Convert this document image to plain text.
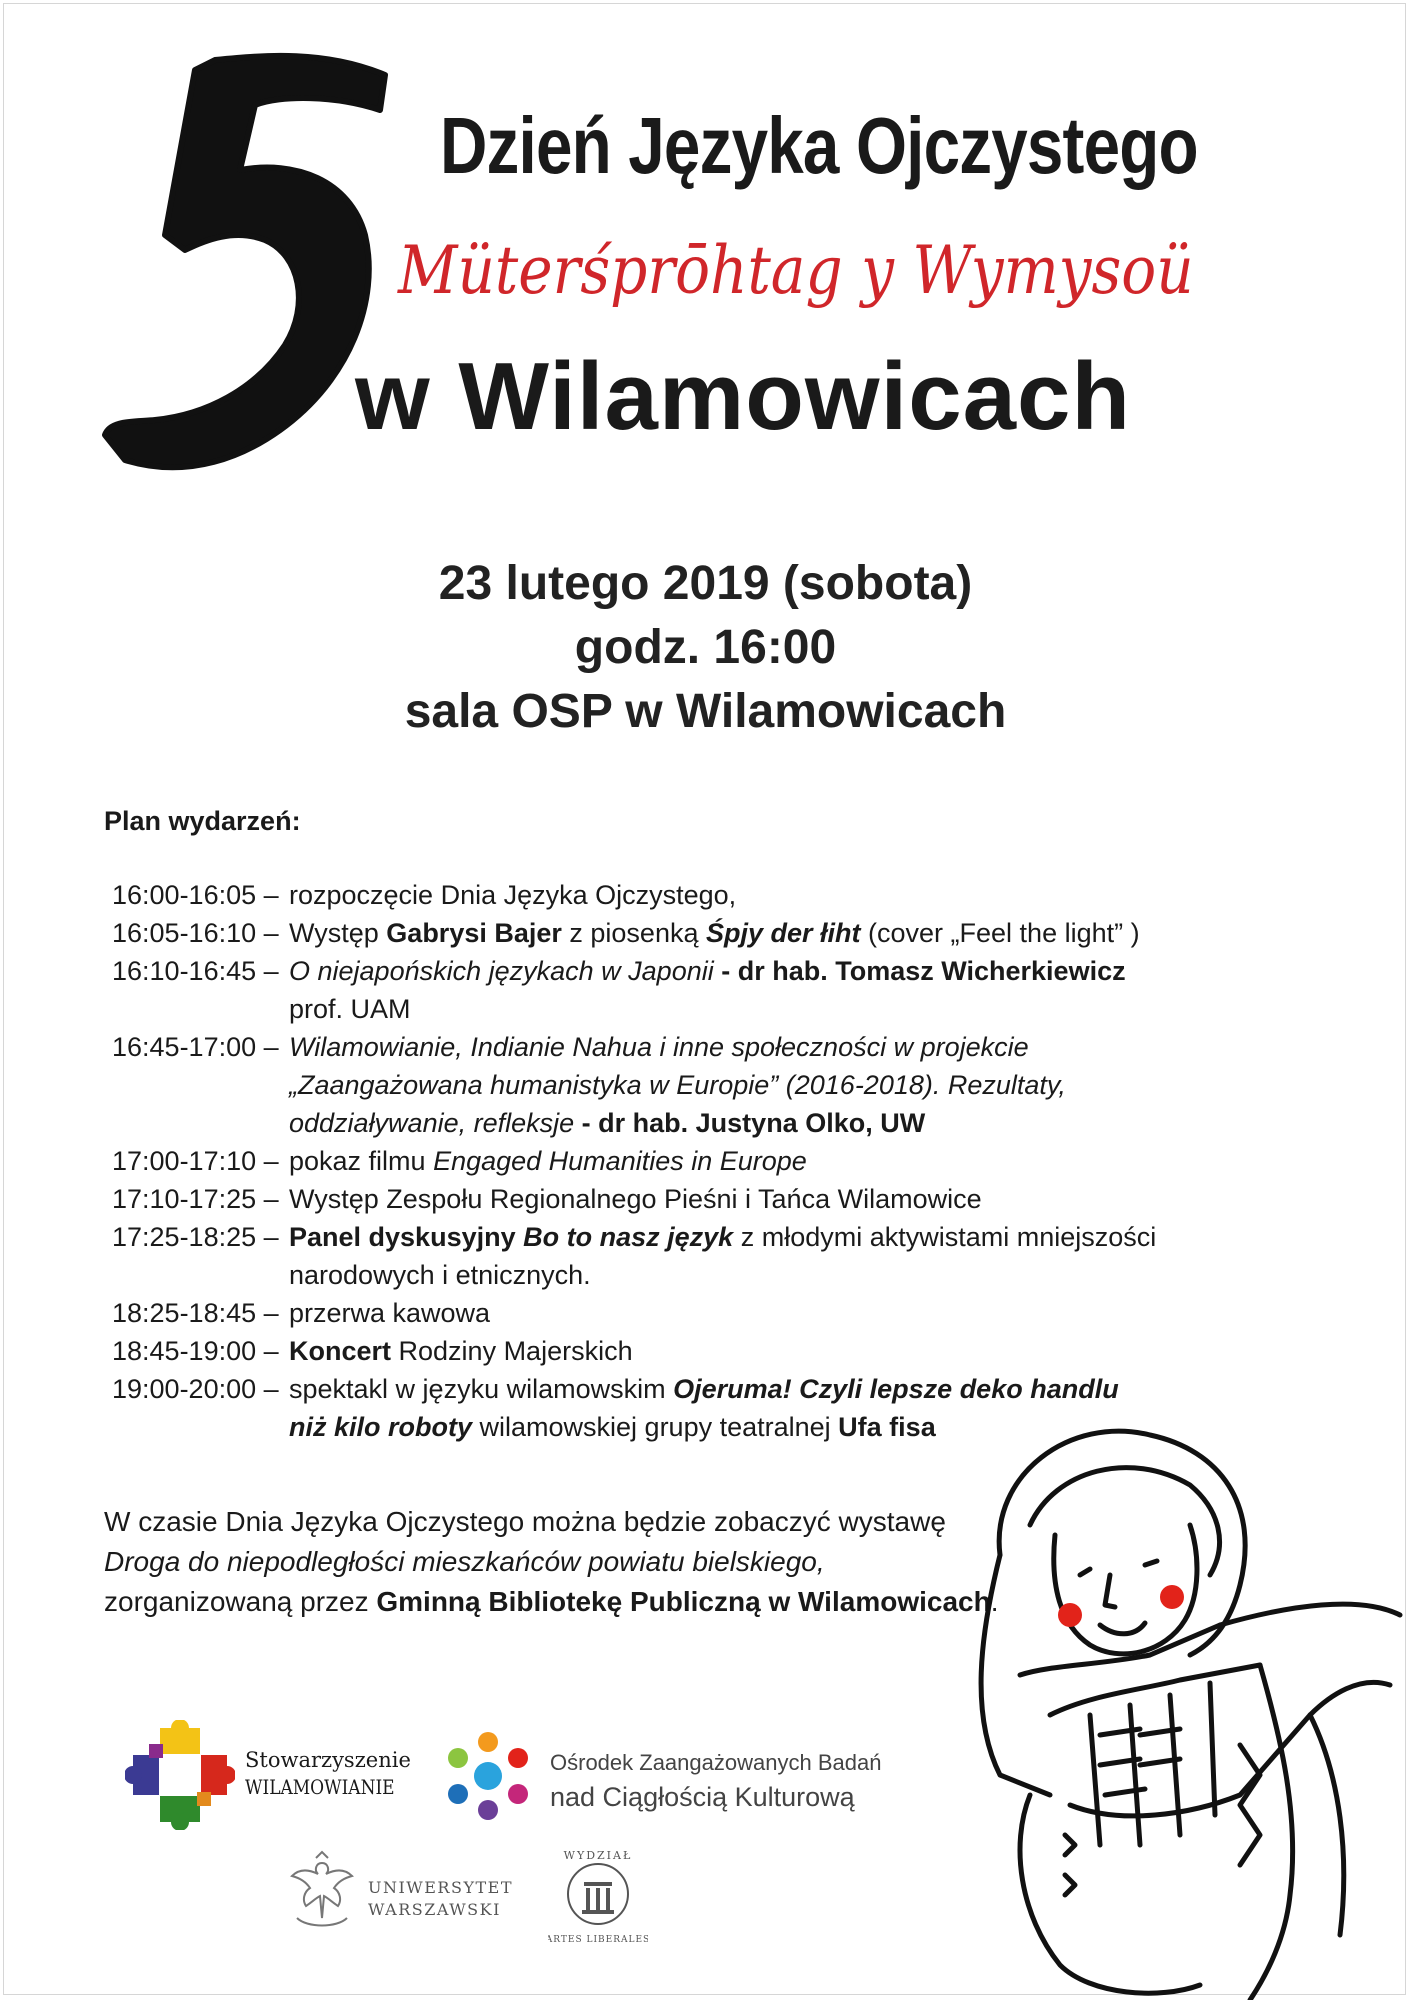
Dzień Języka Ojczystego
Müterśprōhtag y Wymysoü
w Wilamowicach
23 lutego 2019 (sobota)
godz. 16:00
sala OSP w Wilamowicach
Plan wydarzeń:
16:00-16:05 – rozpoczęcie Dnia Języka Ojczystego,
16:05-16:10 – Występ Gabrysi Bajer z piosenką Śpjy der łiht (cover „Feel the light” )
16:10-16:45 – O niejapońskich językach w Japonii - dr hab. Tomasz Wicherkiewicz
prof. UAM
16:45-17:00 – Wilamowianie, Indianie Nahua i inne społeczności w projekcie
„Zaangażowana humanistyka w Europie” (2016-2018). Rezultaty,
oddziaływanie, refleksje - dr hab. Justyna Olko, UW
17:00-17:10 – pokaz filmu Engaged Humanities in Europe
17:10-17:25 – Występ Zespołu Regionalnego Pieśni i Tańca Wilamowice
17:25-18:25 – Panel dyskusyjny Bo to nasz język z młodymi aktywistami mniejszości
narodowych i etnicznych.
18:25-18:45 – przerwa kawowa
18:45-19:00 – Koncert Rodziny Majerskich
19:00-20:00 – spektakl w języku wilamowskim Ojeruma! Czyli lepsze deko handlu
niż kilo roboty wilamowskiej grupy teatralnej Ufa fisa
W czasie Dnia Języka Ojczystego można będzie zobaczyć wystawę
Droga do niepodległości mieszkańców powiatu bielskiego,
zorganizowaną przez Gminną Bibliotekę Publiczną w Wilamowicach.
Stowarzyszenie
WILAMOWIANIE
Ośrodek Zaangażowanych Badań
nad Ciągłością Kulturową
UNIWERSYTET
WARSZAWSKI
WYDZIAŁ
ARTES LIBERALES
